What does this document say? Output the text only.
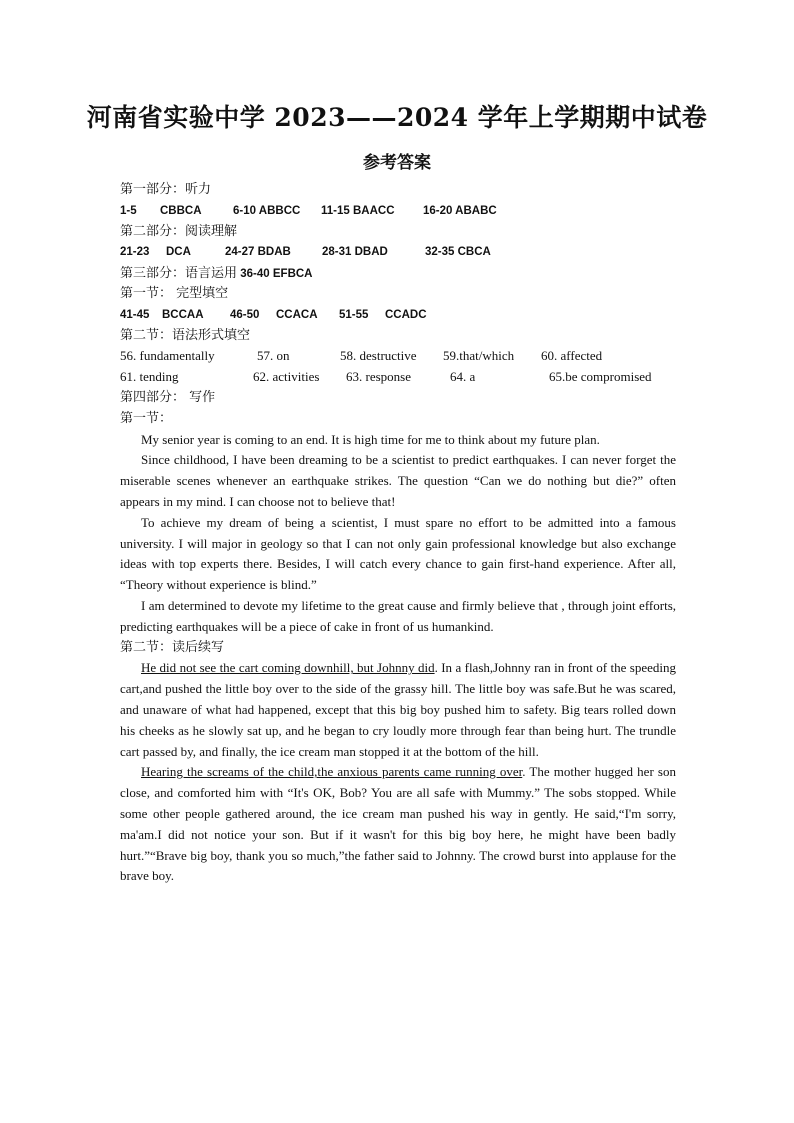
河南省实验中学 2023——2024 学年上学期期中试卷
参考答案
第一部分：听力
1-5 CBBCA	6-10 ABBCC 11-15 BAACC 16-20 ABABC
第二部分：阅读理解
21-23 DCA	24-27 BDAB	28-31 DBAD	32-35 CBCA
第三部分：语言运用 36-40 EFBCA
第一节： 完型填空
41-45 BCCAA 46-50 CCACA 51-55 CCADC
第二节：语法形式填空
56. fundamentally	57. on	58. destructive 59.that/which 60. affected
61. tending	62. activities 63. response	64. a	65.be compromised
第四部分： 写作
第一节：

My senior year is coming to an end. It is high time for me to think about my future plan.

Since childhood, I have been dreaming to be a scientist to predict earthquakes. I can never forget the miserable scenes whenever an earthquake strikes. The question “Can we do nothing but die?” often appears in my mind. I can choose not to believe that!

To achieve my dream of being a scientist, I must spare no effort to be admitted into a famous university. I will major in geology so that I can not only gain professional knowledge but also exchange ideas with top experts there. Besides, I will catch every chance to gain first-hand experience. After all, “Theory without experience is blind.”

I am determined to devote my lifetime to the great cause and firmly believe that , through joint efforts, predicting earthquakes will be a piece of cake in front of us humankind.

第二节：读后续写

He did not see the cart coming downhill, but Johnny did. In a flash,Johnny ran in front of the speeding cart,and pushed the little boy over to the side of the grassy hill. The little boy was safe.But he was scared, and unaware of what had happened, except that this big boy pushed him to safety. Big tears rolled down his cheeks as he slowly sat up, and he began to cry loudly more through fear than being hurt. The trundle cart passed by, and finally, the ice cream man stopped it at the bottom of the hill.

Hearing the screams of the child,the anxious parents came running over. The mother hugged her son close, and comforted him with “It's OK, Bob? You are all safe with Mummy.” The sobs stopped. While some other people gathered around, the ice cream man pushed his way in gently. He said,“I'm sorry, ma'am.I did not notice your son. But if it wasn't for this big boy here, he might have been badly hurt.”“Brave big boy, thank you so much,”the father said to Johnny. The crowd burst into applause for the brave boy.
